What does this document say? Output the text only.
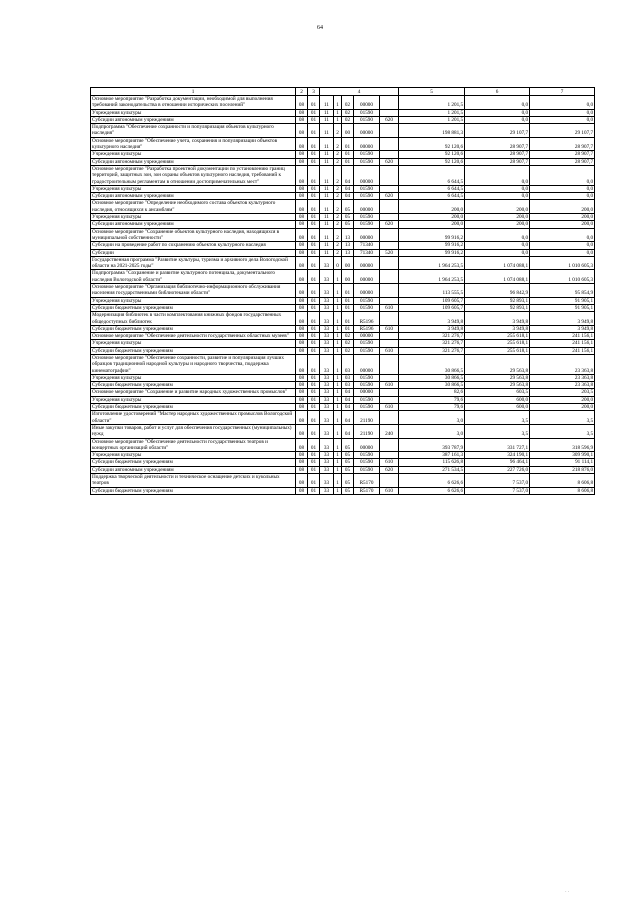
64
1	2	3	4					5	6	7	
Основное мероприятие "Разработка документации, необходимой для выполнения требований законодательства в отношении исторических поселений"	08	01	11	1	02	00000		1 201,5	0,0	0,0	
Учреждения культуры	08	01	11	1	02	01590		1 201,5	0,0	0,0	
Субсидии автономным учреждениям	08	01	11	1	02	01590	620	1 201,5	0,0	0,0	
Подпрограмма "Обеспечение сохранности и популяризация объектов культурного наследия"	08	01	11	2	00	00000		198 881,3	29 107,7	29 107,7	
Основное мероприятие "Обеспечение учета, сохранения и популяризации объектов культурного наследия"	08	01	11	2	01	00000		92 120,6	28 907,7	28 907,7	
Учреждения культуры	08	01	11	2	01	01590		92 120,6	28 907,7	28 907,7	
Субсидии автономным учреждениям	08	01	11	2	01	01590	620	92 120,6	28 907,7	28 907,7	
Основное мероприятие "Разработка проектной документации по установлению границ территорий, защитных зон, зон охраны объектов культурного наследия, требований к градостроительным регламентам в отношении достопримечательных мест"	08	01	11	2	04	00000		6 644,5	0,0	0,0	
Учреждения культуры	08	01	11	2	04	01590		6 644,5	0,0	0,0	
Субсидии автономным учреждениям	08	01	11	2	04	01590	620	6 644,5	0,0	0,0	
Основное мероприятие "Определение необходимого состава объектов культурного наследия, относящихся к ансамблям"	08	01	11	2	05	00000		200,0	200,0	200,0	
Учреждения культуры	08	01	11	2	05	01590		200,0	200,0	200,0	
Субсидии автономным учреждениям	08	01	11	2	05	01590	620	200,0	200,0	200,0	
Основное мероприятие "Сохранение объектов культурного наследия, находящихся в муниципальной собственности"	08	01	11	2	13	00000		99 916,2	0,0	0,0	
Субсидии на проведение работ по сохранению объектов культурного наследия	08	01	11	2	13	71340		99 916,2	0,0	0,0	
Субсидии	08	01	11	2	13	71340	520	99 916,2	0,0	0,0	
Государственная программа "Развитие культуры, туризма и архивного дела Вологодской области на 2021-2025 годы"	08	01	33	0	00	00000		1 964 253,5	1 074 088,1	1 010 605,3	
Подпрограмма "Сохранение и развитие культурного потенциала, документального наследия Вологодской области"	08	01	33	1	00	00000		1 964 253,5	1 074 088,1	1 010 605,3	
Основное мероприятие "Организация библиотечно-информационного обслуживания населения государственными библиотеками области"	08	01	33	1	01	00000		113 555,5	96 842,9	95 854,9	
Учреждения культуры	08	01	33	1	01	01590		109 605,7	92 893,1	91 905,1	
Субсидии бюджетным учреждениям	08	01	33	1	01	01590	610	109 605,7	92 893,1	91 905,1	
Модернизация библиотек в части комплектования книжных фондов государственных общедоступных библиотек	08	01	33	1	01	R5196		3 949,8	3 949,8	3 949,8	
Субсидии бюджетным учреждениям	08	01	33	1	01	R5196	610	3 949,8	3 949,8	3 949,8	
Основное мероприятие "Обеспечение деятельности государственных областных музеев"	08	01	33	1	02	00000		321 276,7	255 618,1	241 156,1	
Учреждения культуры	08	01	33	1	02	01590		321 276,7	255 618,1	241 156,1	
Субсидии бюджетным учреждениям	08	01	33	1	02	01590	610	321 276,7	255 618,1	241 156,1	
Основное мероприятие "Обеспечение сохранности, развитие и популяризация лучших образцов традиционной народной культуры и народного творчества, поддержка кинематографии"	08	01	33	1	03	00000		30 866,5	29 563,8	23 363,8	
Учреждения культуры	08	01	33	1	03	01590		30 866,5	29 563,8	23 363,8	
Субсидии бюджетным учреждениям	08	01	33	1	03	01590	610	30 866,5	29 563,8	23 363,8	
Основное мероприятие "Сохранение и развитие народных художественных промыслов"	08	01	33	1	04	00000		82,6	603,5	203,5	
Учреждения культуры	08	01	33	1	04	01590		79,6	600,0	200,0	
Субсидии бюджетным учреждениям	08	01	33	1	04	01590	610	79,6	600,0	200,0	
Изготовление удостоверений "Мастер народных художественных промыслов Вологодской области"	08	01	33	1	04	21190		3,0	3,5	3,5	
Иные закупки товаров, работ и услуг для обеспечения государственных (муниципальных) нужд	08	01	33	1	04	21190	240	3,0	3,5	3,5	
Основное мероприятие "Обеспечение деятельности государственных театров и концертных организаций области"	08	01	33	1	05	00000		393 787,9	331 727,1	318 596,9	
Учреждения культуры	08	01	33	1	05	01590		387 161,3	324 190,1	309 990,1	
Субсидии бюджетным учреждениям	08	01	33	1	05	01590	610	115 626,8	96 464,1	91 114,1	
Субсидии автономным учреждениям	08	01	33	1	05	01590	620	271 534,5	227 726,0	218 876,0	
Поддержка творческой деятельности и техническое оснащение детских и кукольных театров	08	01	33	1	05	R5170		6 626,6	7 537,0	8 606,8	
Субсидии бюджетным учреждениям	08	01	33	1	05	R5170	610	6 626,6	7 537,0	8 606,8	
· ·
